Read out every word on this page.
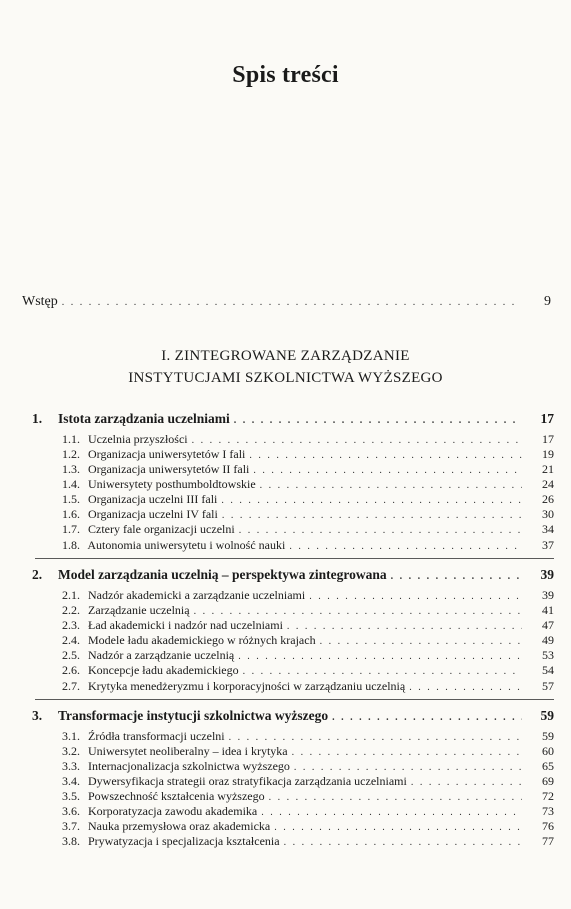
Spis treści
Wstęp . . .	9
I. ZINTEGROWANE ZARZĄDZANIE
INSTYTUCJAMI SZKOLNICTWA WYŻSZEGO
1. Istota zarządzania uczelniami . . .	17
1.1. Uczelnia przyszłości . . .	17
1.2. Organizacja uniwersytetów I fali . . .	19
1.3. Organizacja uniwersytetów II fali . . .	21
1.4. Uniwersytety posthumboldtowskie . . .	24
1.5. Organizacja uczelni III fali . . .	26
1.6. Organizacja uczelni IV fali . . .	30
1.7. Cztery fale organizacji uczelni . . .	34
1.8. Autonomia uniwersytetu i wolność nauki . . .	37
2. Model zarządzania uczelnią – perspektywa zintegrowana . . .	39
2.1. Nadzór akademicki a zarządzanie uczelniami . . .	39
2.2. Zarządzanie uczelnią . . .	41
2.3. Ład akademicki i nadzór nad uczelniami . . .	47
2.4. Modele ładu akademickiego w różnych krajach . . .	49
2.5. Nadzór a zarządzanie uczelnią . . .	53
2.6. Koncepcje ładu akademickiego . . .	54
2.7. Krytyka menedżeryzmu i korporacyjności w zarządzaniu uczelnią . . .	57
3. Transformacje instytucji szkolnictwa wyższego . . .	59
3.1. Źródła transformacji uczelni . . .	59
3.2. Uniwersytet neoliberalny – idea i krytyka . . .	60
3.3. Internacjonalizacja szkolnictwa wyższego . . .	65
3.4. Dywersyfikacja strategii oraz stratyfikacja zarządzania uczelniami . . .	69
3.5. Powszechność kształcenia wyższego . . .	72
3.6. Korporatyzacja zawodu akademika . . .	73
3.7. Nauka przemysłowa oraz akademicka . . .	76
3.8. Prywatyzacja i specjalizacja kształcenia . . .	77
